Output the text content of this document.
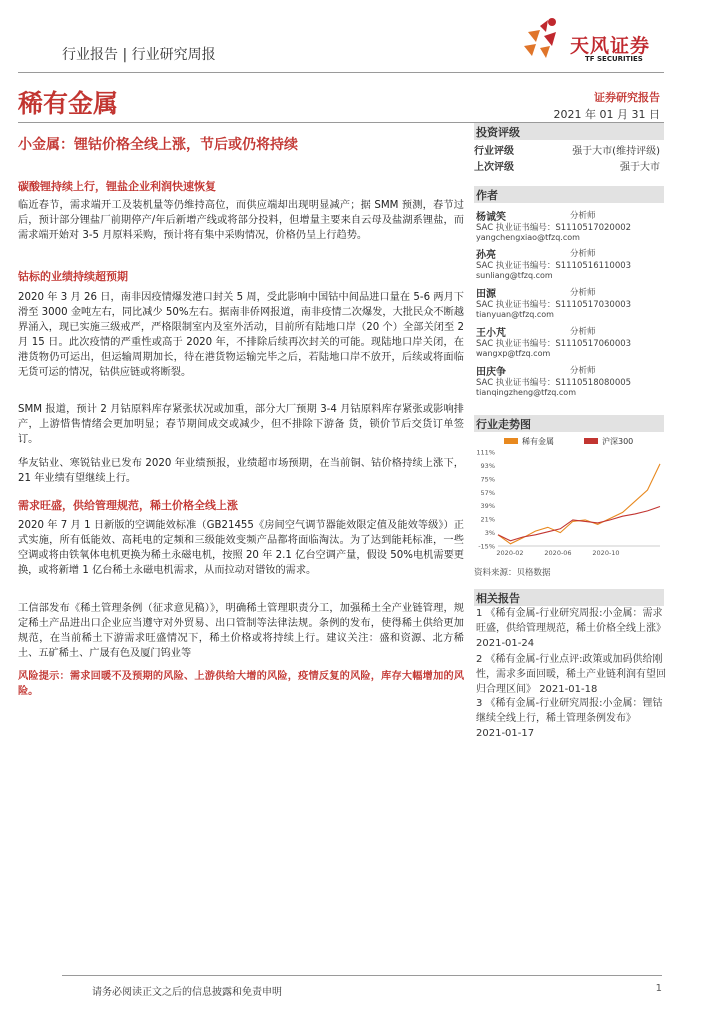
行业报告 | 行业研究周报	天风证券
TF SECURITIES
稀有金属	证券研究报告
2021 年 01 月 31 日
小金属：锂钴价格全线上涨，节后或仍将持续
碳酸锂持续上行，锂盐企业利润快速恢复
临近春节，需求端开工及装机量等仍维持高位，而供应端却出现明显减产；据 SMM 预测，春节过后，预计部分锂盐厂前期停产/年后新增产线或将部分投料，但增量主要来自云母及盐湖系锂盐，而需求端开始对 3-5 月原料采购，预计将有集中采购情况，价格仍呈上行趋势。
钴标的业绩持续超预期
2020 年 3 月 26 日，南非因疫情爆发港口封关 5 周，受此影响中国钴中间品进口量在 5-6 两月下滑至 3000 金吨左右，同比减少 50%左右。据南非侨网报道，南非疫情二次爆发，大批民众不断越界涌入，现已实施三级戒严，严格限制室内及室外活动，目前所有陆地口岸（20 个）全部关闭至 2 月 15 日。此次疫情的严重性或高于 2020 年，不排除后续再次封关的可能。现陆地口岸关闭，在港货物仍可运出，但运输周期加长，待在港货物运输完毕之后，若陆地口岸不放开，后续或将面临无货可运的情况，钴供应链或将断裂。
SMM 报道，预计 2 月钴原料库存紧张状况或加重，部分大厂预期 3-4 月钴原料库存紧张或影响排产，上游惜售情绪会更加明显；春节期间成交或减少，但不排除下游备 货，锁价节后交货订单签订。
华友钴业、寒锐钴业已发布 2020 年业绩预报，业绩超市场预期，在当前铜、钴价格持续上涨下，21 年业绩有望继续上行。
需求旺盛，供给管理规范，稀土价格全线上涨
2020 年 7 月 1 日新版的空调能效标准（GB21455《房间空气调节器能效限定值及能效等级》）正式实施，所有低能效、高耗电的定频和三级能效变频产品都将面临淘汰。为了达到能耗标准，一些空调或将由铁氧体电机更换为稀土永磁电机，按照 20 年 2.1 亿台空调产量，假设 50%电机需要更换，或将新增 1 亿台稀土永磁电机需求，从而拉动对镨钕的需求。
工信部发布《稀土管理条例（征求意见稿）》，明确稀土管理职责分工，加强稀土全产业链管理，规定稀土产品进出口企业应当遵守对外贸易、出口管制等法律法规。条例的发布，使得稀土供给更加规范，在当前稀土下游需求旺盛情况下，稀土价格或将持续上行。建议关注：盛和资源、北方稀土、五矿稀土、广晟有色及厦门钨业等
风险提示：需求回暖不及预期的风险、上游供给大增的风险，疫情反复的风险，库存大幅增加的风险。
投资评级
行业评级	强于大市(维持评级)
上次评级	强于大市
作者
杨诚笑	分析师
SAC 执业证书编号：S1110517020002
yangchengxiao@tfzq.com
孙亮	分析师
SAC 执业证书编号：S1110516110003
sunliang@tfzq.com
田源	分析师
SAC 执业证书编号：S1110517030003
tianyuan@tfzq.com
王小芃	分析师
SAC 执业证书编号：S1110517060003
wangxp@tfzq.com
田庆争	分析师
SAC 执业证书编号：S1110518080005
tianqingzheng@tfzq.com
行业走势图
稀有金属	沪深300
111%
93%
75%
57%
39%
21%
3%
-15%
2020-02	2020-06	2020-10
资料来源：贝格数据
相关报告
1 《稀有金属-行业研究周报:小金属：需求旺盛，供给管理规范，稀土价格全线上涨》 2021-01-24
2 《稀有金属-行业点评:政策或加码供给刚性，需求多面回暖，稀土产业链利润有望回归合理区间》 2021-01-18
3 《稀有金属-行业研究周报:小金属：锂钴继续全线上行，稀土管理条例发布》 2021-01-17
请务必阅读正文之后的信息披露和免责申明	1
